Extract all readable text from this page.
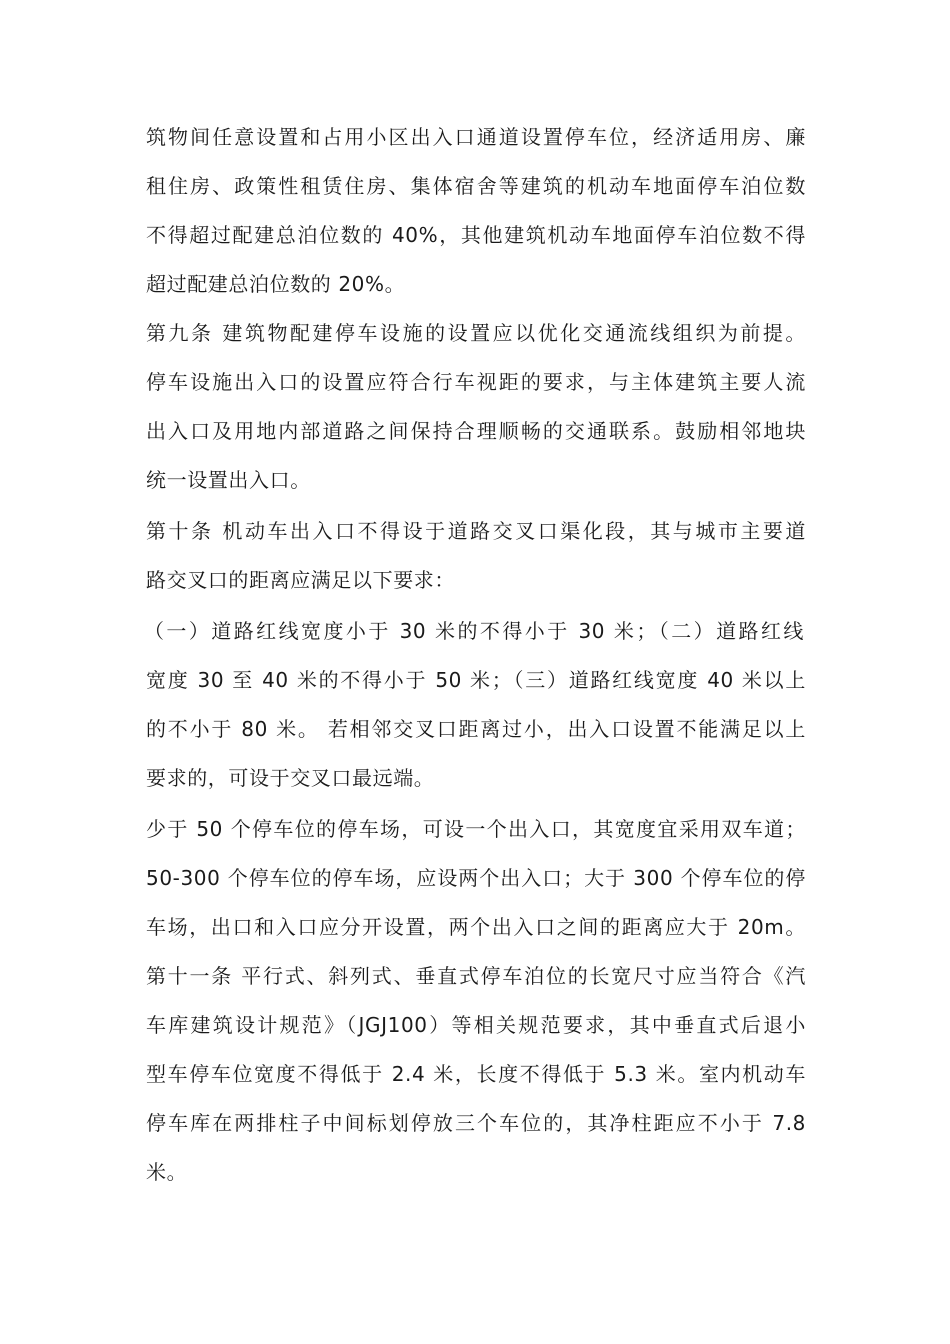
筑物间任意设置和占用小区出入口通道设置停车位，经济适用房、廉
租住房、政策性租赁住房、集体宿舍等建筑的机动车地面停车泊位数
不得超过配建总泊位数的 40%，其他建筑机动车地面停车泊位数不得
超过配建总泊位数的 20%。
第九条 建筑物配建停车设施的设置应以优化交通流线组织为前提。
停车设施出入口的设置应符合行车视距的要求，与主体建筑主要人流
出入口及用地内部道路之间保持合理顺畅的交通联系。鼓励相邻地块
统一设置出入口。
第十条 机动车出入口不得设于道路交叉口渠化段，其与城市主要道
路交叉口的距离应满足以下要求：
（一）道路红线宽度小于 30 米的不得小于 30 米；（二）道路红线
宽度 30 至 40 米的不得小于 50 米；（三）道路红线宽度 40 米以上
的不小于 80 米。 若相邻交叉口距离过小，出入口设置不能满足以上
要求的，可设于交叉口最远端。
少于 50 个停车位的停车场，可设一个出入口，其宽度宜采用双车道；
50-300 个停车位的停车场，应设两个出入口；大于 300 个停车位的停
车场，出口和入口应分开设置，两个出入口之间的距离应大于 20m。
第十一条 平行式、斜列式、垂直式停车泊位的长宽尺寸应当符合《汽
车库建筑设计规范》（JGJ100）等相关规范要求，其中垂直式后退小
型车停车位宽度不得低于 2.4 米，长度不得低于 5.3 米。室内机动车
停车库在两排柱子中间标划停放三个车位的，其净柱距应不小于 7.8
米。
